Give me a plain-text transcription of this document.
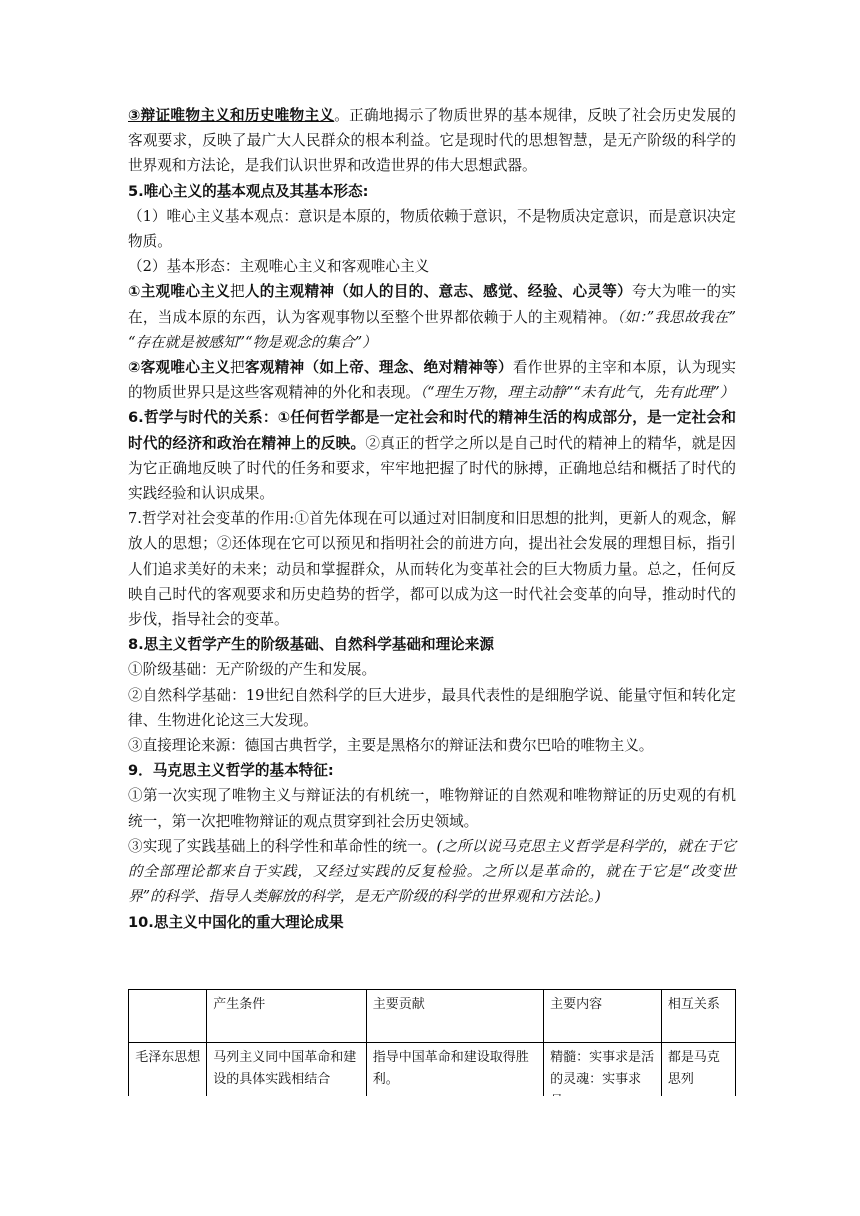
③辩证唯物主义和历史唯物主义。正确地揭示了物质世界的基本规律，反映了社会历史发展的客观要求，反映了最广大人民群众的根本利益。它是现时代的思想智慧，是无产阶级的科学的世界观和方法论，是我们认识世界和改造世界的伟大思想武器。

5.唯心主义的基本观点及其基本形态:

（1）唯心主义基本观点：意识是本原的，物质依赖于意识，不是物质决定意识，而是意识决定物质。

（2）基本形态：主观唯心主义和客观唯心主义

①主观唯心主义把人的主观精神（如人的目的、意志、感觉、经验、心灵等）夸大为唯一的实在，当成本原的东西，认为客观事物以至整个世界都依赖于人的主观精神。（如：”我思故我在” “存在就是被感知”“物是观念的集合”）

②客观唯心主义把客观精神（如上帝、理念、绝对精神等）看作世界的主宰和本原，认为现实的物质世界只是这些客观精神的外化和表现。（“理生万物，理主动静”“未有此气，先有此理”）

6.哲学与时代的关系：①任何哲学都是一定社会和时代的精神生活的构成部分，是一定社会和时代的经济和政治在精神上的反映。②真正的哲学之所以是自己时代的精神上的精华，就是因为它正确地反映了时代的任务和要求，牢牢地把握了时代的脉搏，正确地总结和概括了时代的实践经验和认识成果。

7.哲学对社会变革的作用:①首先体现在可以通过对旧制度和旧思想的批判，更新人的观念，解放人的思想；②还体现在它可以预见和指明社会的前进方向，提出社会发展的理想目标，指引人们追求美好的未来；动员和掌握群众，从而转化为变革社会的巨大物质力量。总之，任何反映自己时代的客观要求和历史趋势的哲学，都可以成为这一时代社会变革的向导，推动时代的步伐，指导社会的变革。

8.思主义哲学产生的阶级基础、自然科学基础和理论来源

①阶级基础：无产阶级的产生和发展。

②自然科学基础：19世纪自然科学的巨大进步，最具代表性的是细胞学说、能量守恒和转化定律、生物进化论这三大发现。

③直接理论来源：德国古典哲学，主要是黑格尔的辩证法和费尔巴哈的唯物主义。

9．马克思主义哲学的基本特征:

①第一次实现了唯物主义与辩证法的有机统一，唯物辩证的自然观和唯物辩证的历史观的有机统一，第一次把唯物辩证的观点贯穿到社会历史领域。

③实现了实践基础上的科学性和革命性的统一。(之所以说马克思主义哲学是科学的，就在于它的全部理论都来自于实践，又经过实践的反复检验。之所以是革命的，就在于它是“改变世界”的科学、指导人类解放的科学，是无产阶级的科学的世界观和方法论。)

10.思主义中国化的重大理论成果

	产生条件	主要贡献	主要内容	相互关系
毛泽东思想	马列主义同中国革命和建设的具体实践相结合	指导中国革命和建设取得胜利。	精髓：实事求是活的灵魂：实事求	都是马克思列
